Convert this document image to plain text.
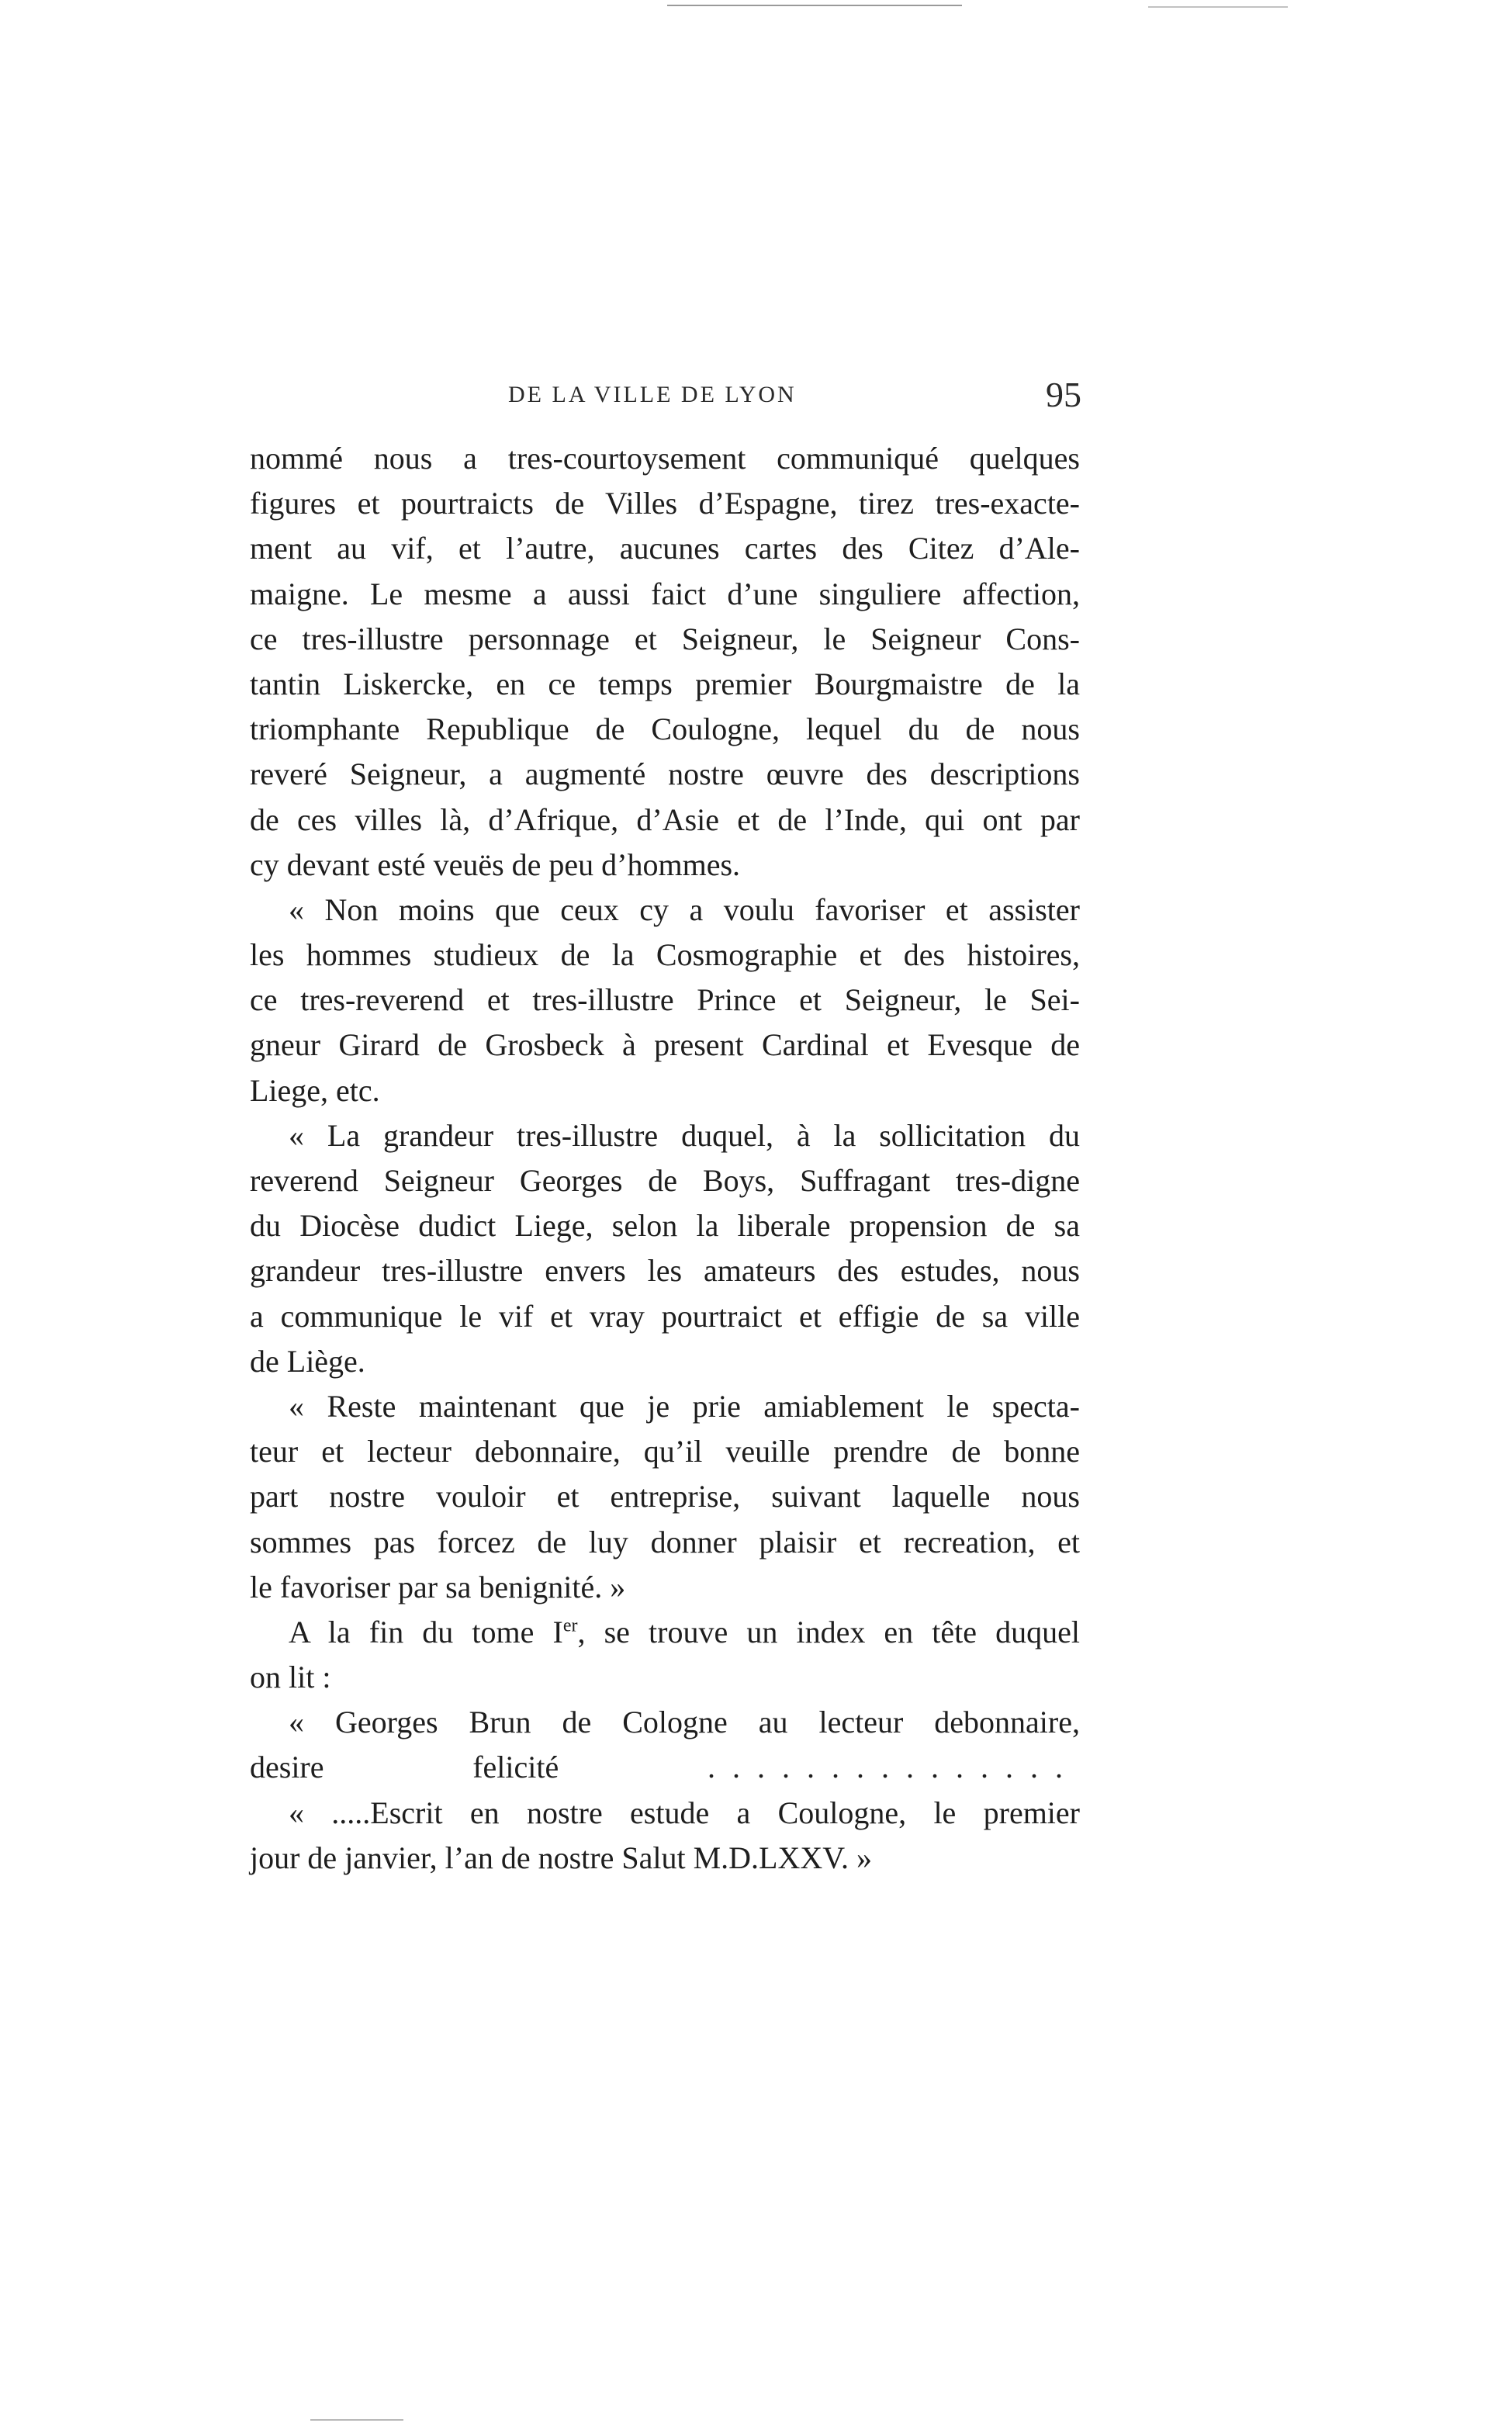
DE LA VILLE DE LYON	95
nommé nous a tres-courtoysement communiqué quelques
figures et pourtraicts de Villes d’Espagne, tirez tres-exacte-
ment au vif, et l’autre, aucunes cartes des Citez d’Ale-
maigne. Le mesme a aussi faict d’une singuliere affection,
ce tres-illustre personnage et Seigneur, le Seigneur Cons-
tantin Liskercke, en ce temps premier Bourgmaistre de la
triomphante Republique de Coulogne, lequel du de nous
reveré Seigneur, a augmenté nostre œuvre des descriptions
de ces villes là, d’Afrique, d’Asie et de l’Inde, qui ont par
cy devant esté veuës de peu d’hommes.
« Non moins que ceux cy a voulu favoriser et assister
les hommes studieux de la Cosmographie et des histoires,
ce tres-reverend et tres-illustre Prince et Seigneur, le Sei-
gneur Girard de Grosbeck à present Cardinal et Evesque de
Liege, etc.
« La grandeur tres-illustre duquel, à la sollicitation du
reverend Seigneur Georges de Boys, Suffragant tres-digne
du Diocèse dudict Liege, selon la liberale propension de sa
grandeur tres-illustre envers les amateurs des estudes, nous
a communique le vif et vray pourtraict et effigie de sa ville
de Liège.
« Reste maintenant que je prie amiablement le specta-
teur et lecteur debonnaire, qu’il veuille prendre de bonne
part nostre vouloir et entreprise, suivant laquelle nous
sommes pas forcez de luy donner plaisir et recreation, et
le favoriser par sa benignité. »
A la fin du tome Ier, se trouve un index en tête duquel
on lit :
« Georges Brun de Cologne au lecteur debonnaire,
desire felicité	...............
« .....Escrit en nostre estude a Coulogne, le premier
jour de janvier, l’an de nostre Salut M.D.LXXV. »
